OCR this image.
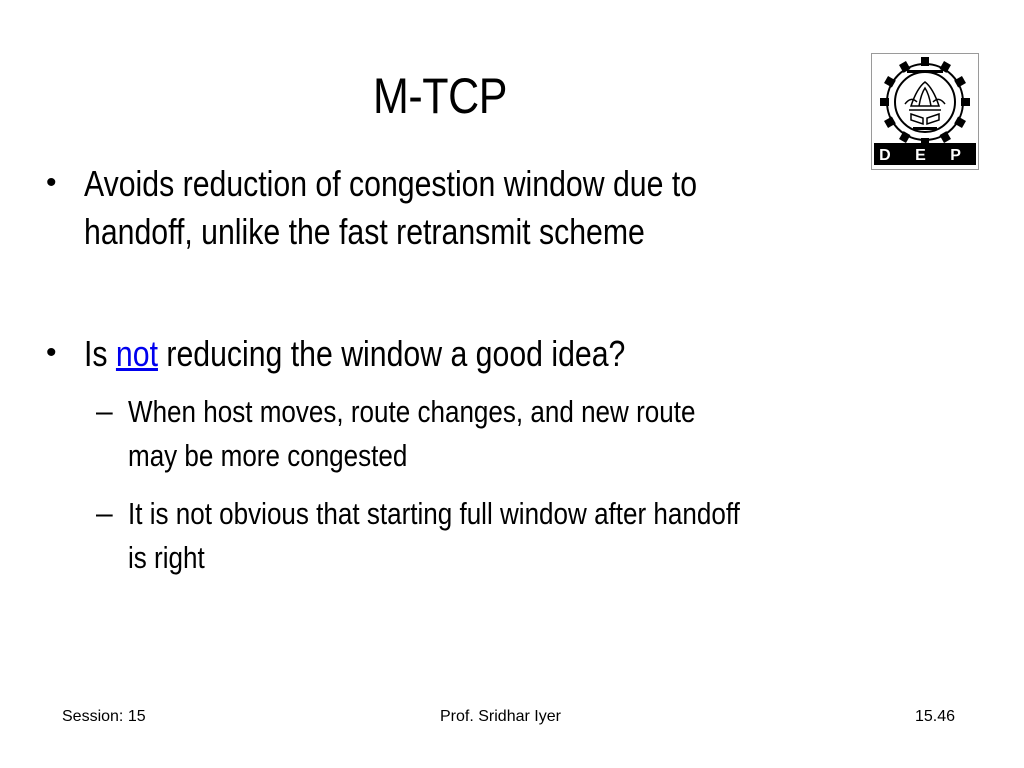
M-TCP
D E P
• Avoids reduction of congestion window due to
handoff, unlike the fast retransmit scheme
• Is not reducing the window a good idea?
– When host moves, route changes, and new route
may be more congested
– It is not obvious that starting full window after handoff
is right
Session: 15	Prof. Sridhar Iyer	15.46
